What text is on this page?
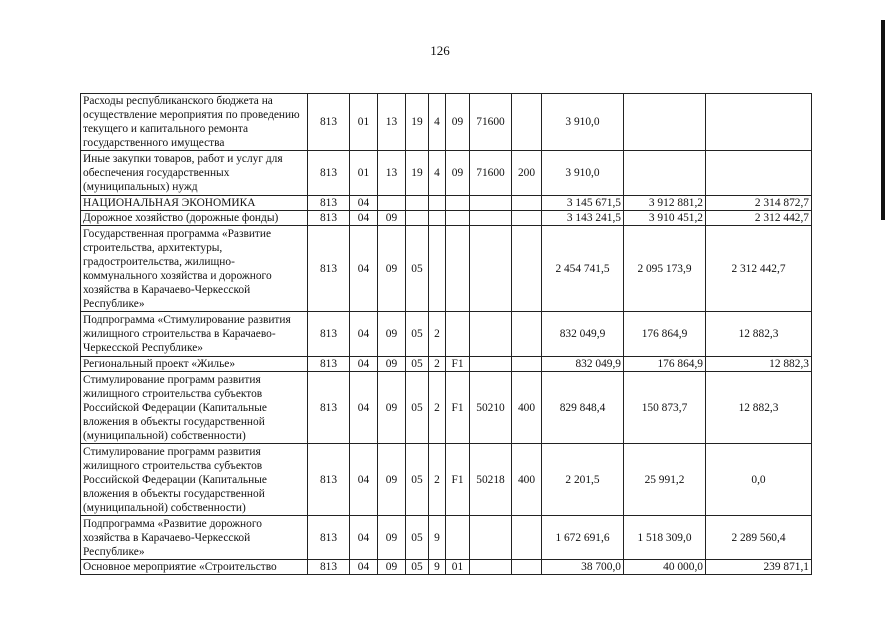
126
Расходы республиканского бюджета на осуществление мероприятия по проведению текущего и капитального ремонта государственного имущества	813	01	13	19	4	09	71600		3 910,0		
Иные закупки товаров, работ и услуг для обеспечения государственных (муниципальных) нужд	813	01	13	19	4	09	71600	200	3 910,0		
НАЦИОНАЛЬНАЯ ЭКОНОМИКА	813	04							3 145 671,5	3 912 881,2	2 314 872,7
Дорожное хозяйство (дорожные фонды)	813	04	09						3 143 241,5	3 910 451,2	2 312 442,7
Государственная программа «Развитие строительства, архитектуры, градостроительства, жилищно-коммунального хозяйства и дорожного хозяйства в Карачаево-Черкесской Республике»	813	04	09	05					2 454 741,5	2 095 173,9	2 312 442,7
Подпрограмма «Стимулирование развития жилищного строительства в Карачаево-Черкесской Республике»	813	04	09	05	2				832 049,9	176 864,9	12 882,3
Региональный проект «Жилье»	813	04	09	05	2	F1			832 049,9	176 864,9	12 882,3
Стимулирование программ развития жилищного строительства субъектов Российской Федерации (Капитальные вложения в объекты государственной (муниципальной) собственности)	813	04	09	05	2	F1	50210	400	829 848,4	150 873,7	12 882,3
Стимулирование программ развития жилищного строительства субъектов Российской Федерации (Капитальные вложения в объекты государственной (муниципальной) собственности)	813	04	09	05	2	F1	50218	400	2 201,5	25 991,2	0,0
Подпрограмма «Развитие дорожного хозяйства в Карачаево-Черкесской Республике»	813	04	09	05	9				1 672 691,6	1 518 309,0	2 289 560,4
Основное мероприятие «Строительство	813	04	09	05	9	01			38 700,0	40 000,0	239 871,1
